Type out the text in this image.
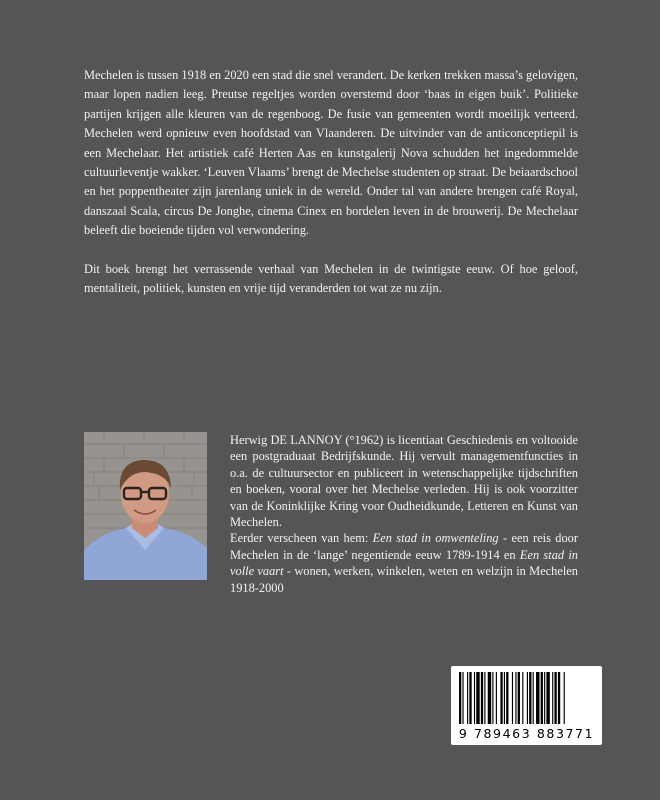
Mechelen is tussen 1918 en 2020 een stad die snel verandert. De kerken trekken massa’s gelovigen, maar lopen nadien leeg. Preutse regeltjes worden overstemd door ‘baas in eigen buik’. Politieke partijen krijgen alle kleuren van de regenboog. De fusie van gemeenten wordt moeilijk verteerd. Mechelen werd opnieuw even hoofdstad van Vlaanderen. De uitvinder van de anticonceptiepil is een Mechelaar. Het artistiek café Herten Aas en kunstgalerij Nova schudden het ingedommelde cultuurleventje wakker. ‘Leuven Vlaams’ brengt de Mechelse studenten op straat. De beiaardschool en het poppentheater zijn jarenlang uniek in de wereld. Onder tal van andere brengen café Royal, danszaal Scala, circus De Jonghe, cinema Cinex en bordelen leven in de brouwerij. De Mechelaar beleeft die boeiende tijden vol verwondering.

Dit boek brengt het verrassende verhaal van Mechelen in de twintigste eeuw. Of hoe geloof, mentaliteit, politiek, kunsten en vrije tijd veranderden tot wat ze nu zijn.

Herwig DE LANNOY (°1962) is licentiaat Geschiedenis en voltooide een postgraduaat Bedrijfskunde. Hij vervult managementfuncties in o.a. de cultuursector en publiceert in wetenschappelijke tijdschriften en boeken, vooral over het Mechelse verleden. Hij is ook voorzitter van de Koninklijke Kring voor Oudheidkunde, Letteren en Kunst van Mechelen.

Eerder verscheen van hem: Een stad in omwenteling - een reis door Mechelen in de ‘lange’ negentiende eeuw 1789-1914 en Een stad in volle vaart - wonen, werken, winkelen, weten en welzijn in Mechelen 1918-2000

9 789463 883771
